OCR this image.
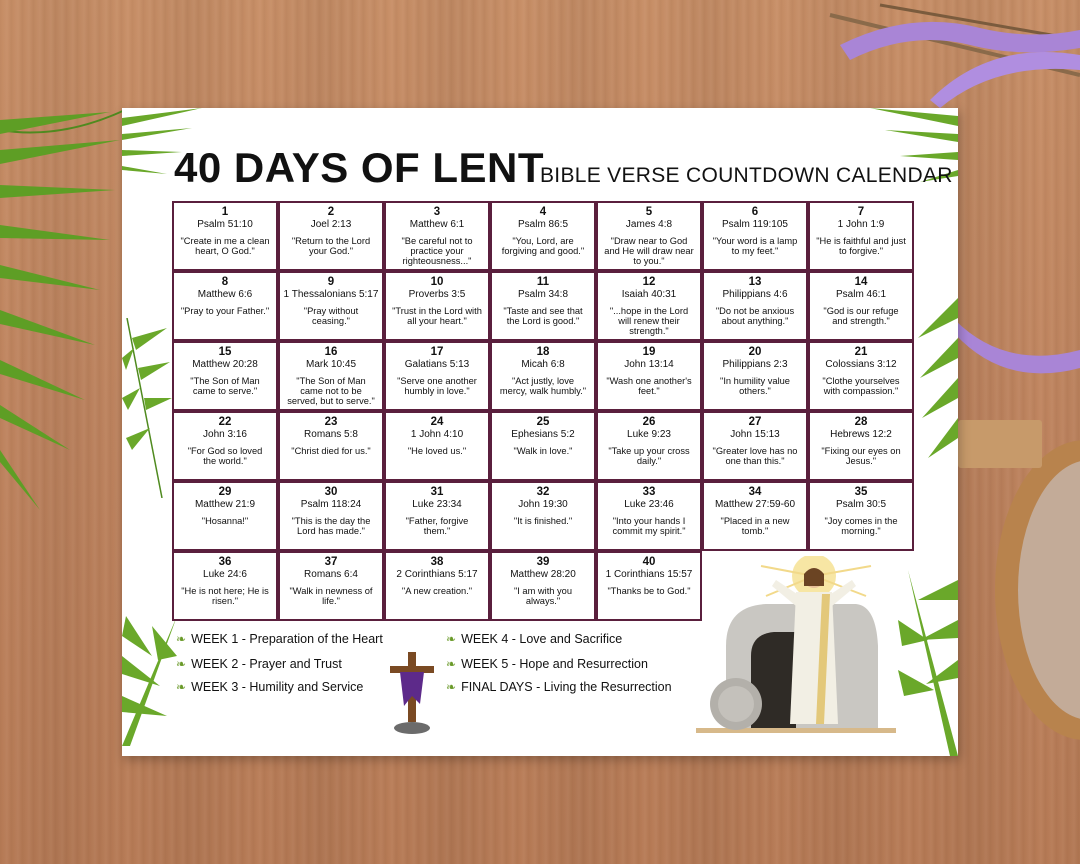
40 DAYS OF LENT
BIBLE VERSE COUNTDOWN CALENDAR
1
Psalm 51:10
"Create in me a clean heart, O God."
2
Joel 2:13
"Return to the Lord your God."
3
Matthew 6:1
"Be careful not to practice your righteousness..."
4
Psalm 86:5
"You, Lord, are forgiving and good."
5
James 4:8
"Draw near to God and He will draw near to you."
6
Psalm 119:105
"Your word is a lamp to my feet."
7
1 John 1:9
"He is faithful and just to forgive."
8
Matthew 6:6
"Pray to your Father."
9
1 Thessalonians 5:17
"Pray without ceasing."
10
Proverbs 3:5
"Trust in the Lord with all your heart."
11
Psalm 34:8
"Taste and see that the Lord is good."
12
Isaiah 40:31
"...hope in the Lord will renew their strength."
13
Philippians 4:6
"Do not be anxious about anything."
14
Psalm 46:1
"God is our refuge and strength."
15
Matthew 20:28
"The Son of Man came to serve."
16
Mark 10:45
"The Son of Man came not to be served, but to serve."
17
Galatians 5:13
"Serve one another humbly in love."
18
Micah 6:8
"Act justly, love mercy, walk humbly."
19
John 13:14
"Wash one another's feet."
20
Philippians 2:3
"In humility value others."
21
Colossians 3:12
"Clothe yourselves with compassion."
22
John 3:16
"For God so loved the world."
23
Romans 5:8
"Christ died for us."
24
1 John 4:10
"He loved us."
25
Ephesians 5:2
"Walk in love."
26
Luke 9:23
"Take up your cross daily."
27
John 15:13
"Greater love has no one than this."
28
Hebrews 12:2
"Fixing our eyes on Jesus."
29
Matthew 21:9
"Hosanna!"
30
Psalm 118:24
"This is the day the Lord has made."
31
Luke 23:34
"Father, forgive them."
32
John 19:30
"It is finished."
33
Luke 23:46
"Into your hands I commit my spirit."
34
Matthew 27:59-60
"Placed in a new tomb."
35
Psalm 30:5
"Joy comes in the morning."
36
Luke 24:6
"He is not here; He is risen."
37
Romans 6:4
"Walk in newness of life."
38
2 Corinthians 5:17
"A new creation."
39
Matthew 28:20
"I am with you always."
40
1 Corinthians 15:57
"Thanks be to God."
❧ WEEK 1 - Preparation of the Heart
❧ WEEK 2 - Prayer and Trust
❧ WEEK 3 - Humility and Service
❧ WEEK 4 - Love and Sacrifice
❧ WEEK 5 - Hope and Resurrection
❧ FINAL DAYS - Living the Resurrection
